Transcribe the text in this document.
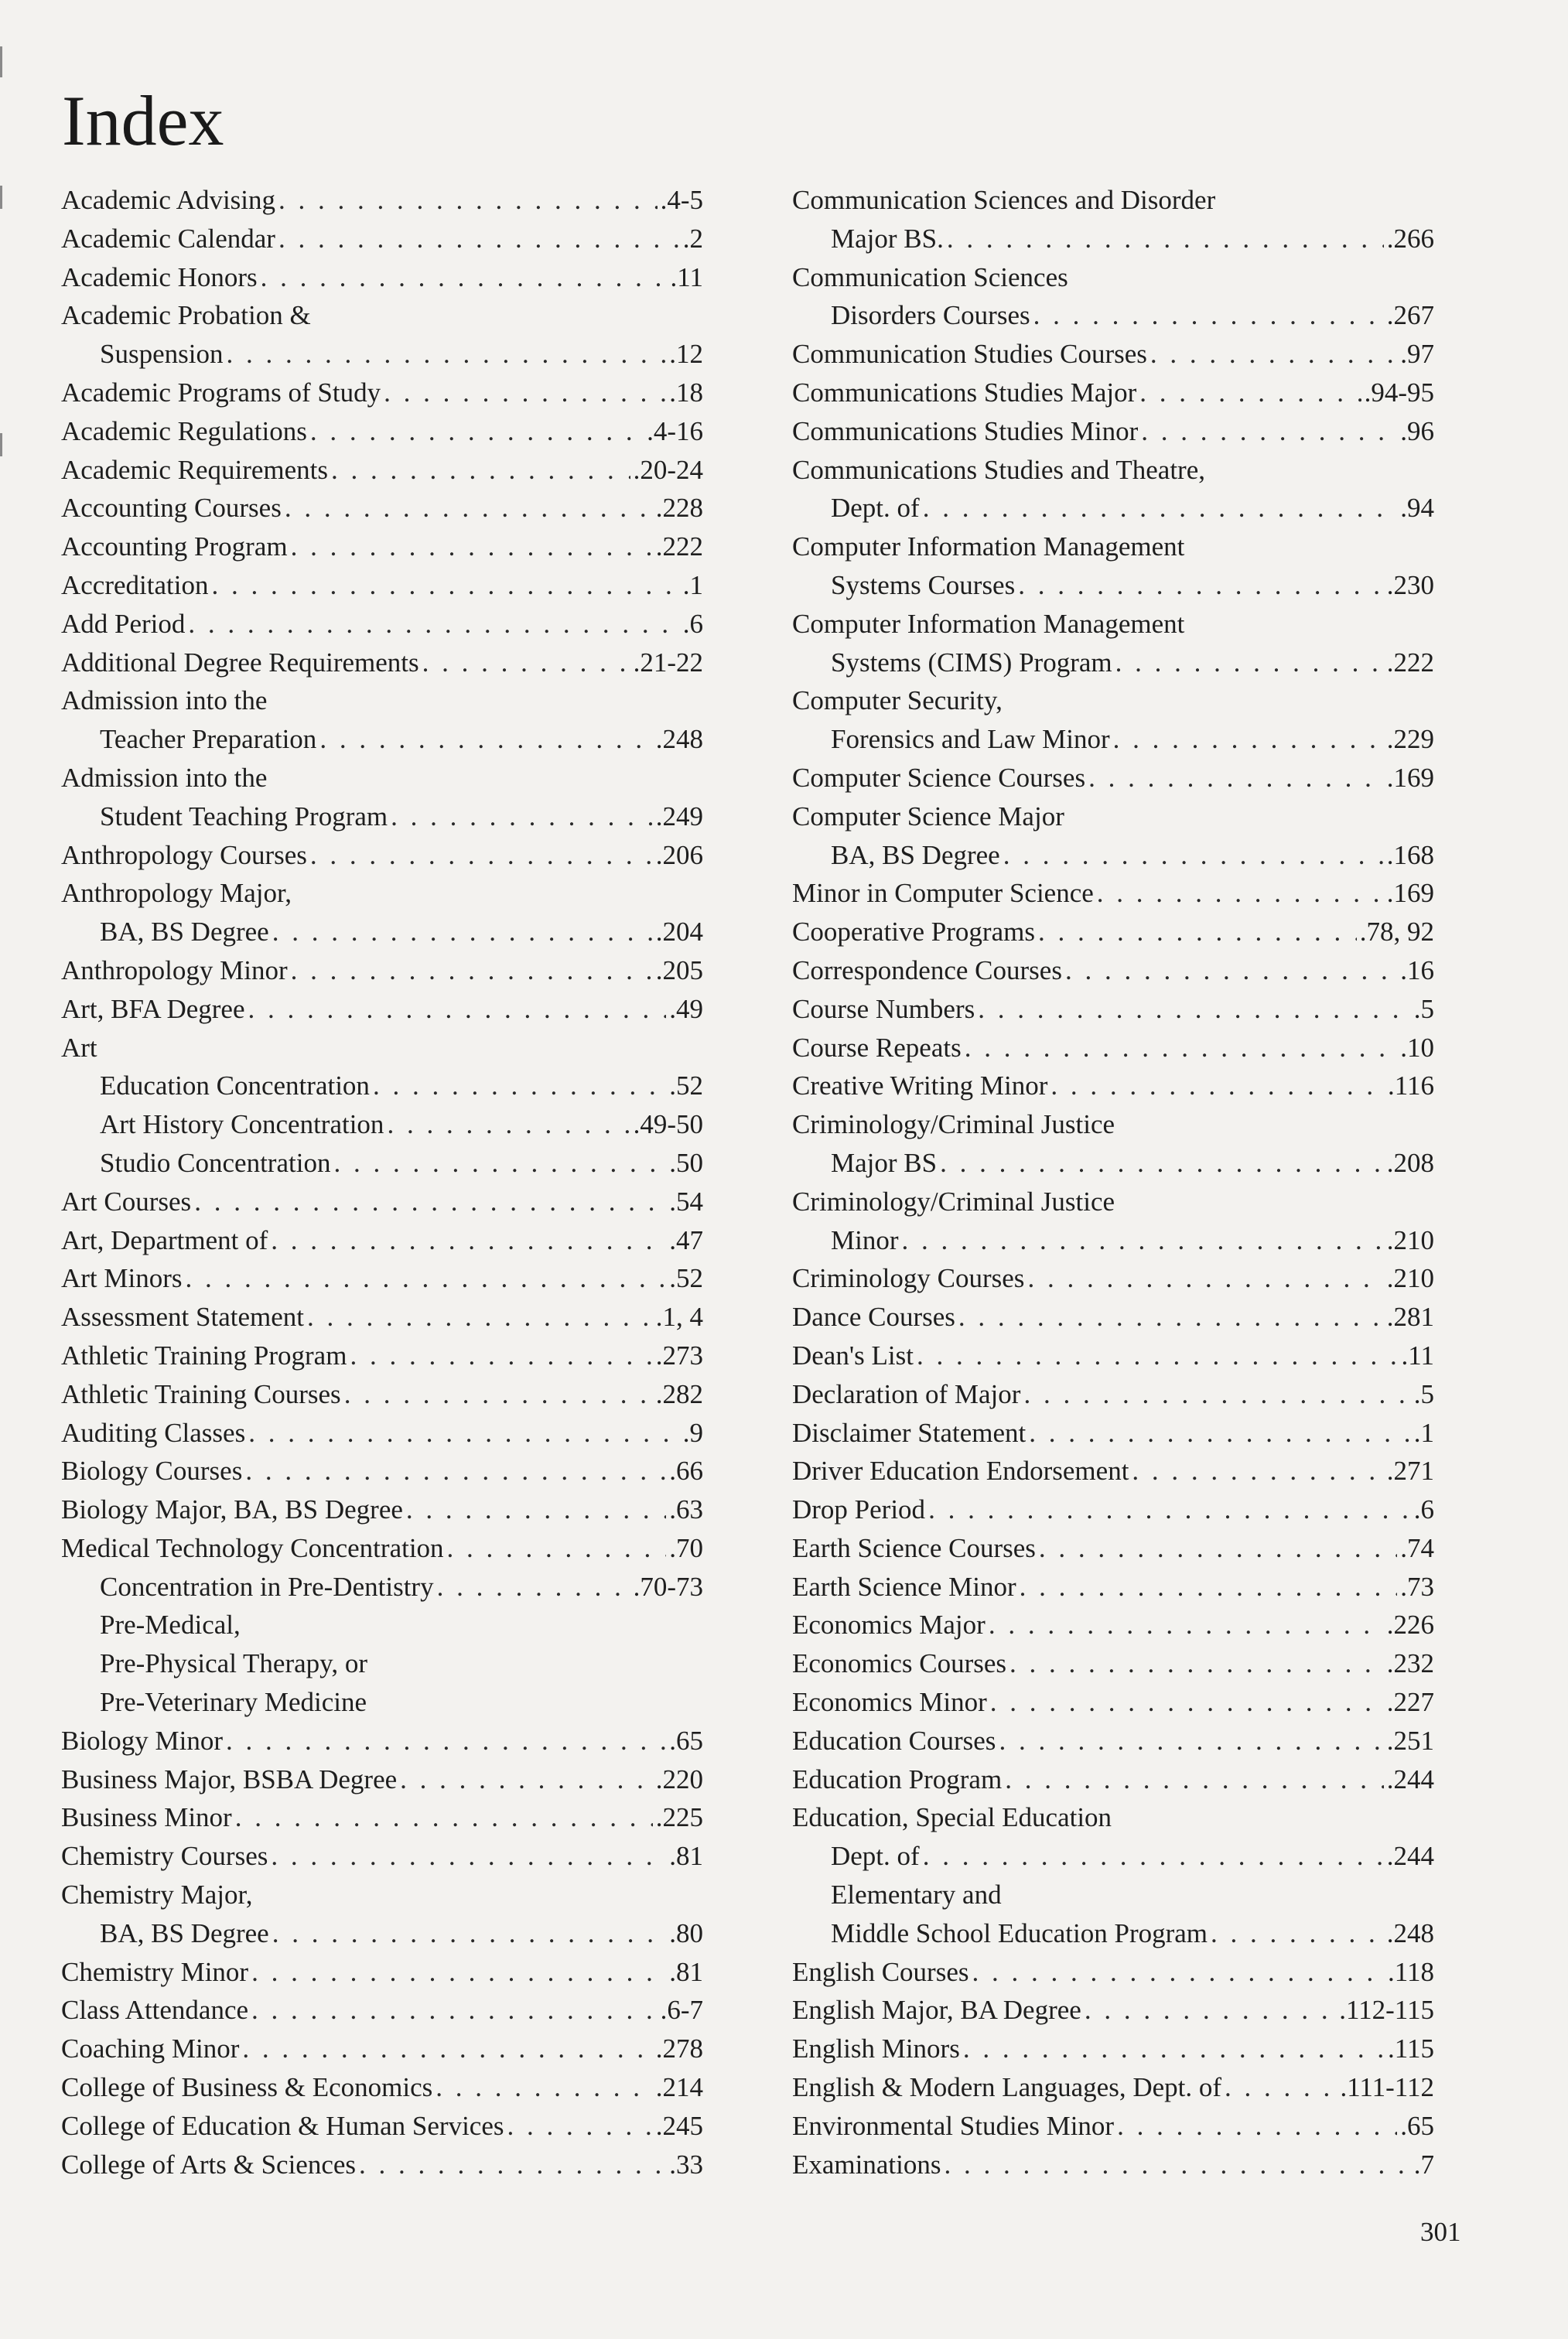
Index
Academic Advising . . .	.4-5
Academic Calendar . . .	.2
Academic Honors . . .	.11
Academic Probation &
Suspension . . .	.12
Academic Programs of Study . . .	.18
Academic Regulations . . .	.4-16
Academic Requirements . . .	.20-24
Accounting Courses . . .	.228
Accounting Program . . .	.222
Accreditation . . .	.1
Add Period . . .	.6
Additional Degree Requirements . . .	.21-22
Admission into the
Teacher Preparation . . .	.248
Admission into the
Student Teaching Program . . .	.249
Anthropology Courses . . .	.206
Anthropology Major,
BA, BS Degree . . .	.204
Anthropology Minor . . .	.205
Art, BFA Degree . . .	.49
Art
Education Concentration . . .	.52
Art History Concentration . . .	.49-50
Studio Concentration . . .	.50
Art Courses . . .	.54
Art, Department of . . .	.47
Art Minors . . .	.52
Assessment Statement . . .	.1, 4
Athletic Training Program . . .	.273
Athletic Training Courses . . .	.282
Auditing Classes . . .	.9
Biology Courses . . .	.66
Biology Major, BA, BS Degree . . .	.63
Medical Technology Concentration . . .	.70
Concentration in Pre-Dentistry . . .	.70-73
Pre-Medical,
Pre-Physical Therapy, or
Pre-Veterinary Medicine
Biology Minor . . .	.65
Business Major, BSBA Degree . . .	.220
Business Minor . . .	.225
Chemistry Courses . . .	.81
Chemistry Major,
BA, BS Degree . . .	.80
Chemistry Minor . . .	.81
Class Attendance . . .	.6-7
Coaching Minor . . .	.278
College of Business & Economics . . .	.214
College of Education & Human Services . . .	.245
College of Arts & Sciences . . .	.33
Communication Sciences and Disorder
Major BS. . . .	.266
Communication Sciences
Disorders Courses . . .	.267
Communication Studies Courses . . .	.97
Communications Studies Major . . .	.94-95
Communications Studies Minor . . .	.96
Communications Studies and Theatre,
Dept. of . . .	.94
Computer Information Management
Systems Courses . . .	.230
Computer Information Management
Systems (CIMS) Program . . .	.222
Computer Security,
Forensics and Law Minor . . .	.229
Computer Science Courses . . .	.169
Computer Science Major
BA, BS Degree . . .	.168
Minor in Computer Science . . .	.169
Cooperative Programs . . .	.78, 92
Correspondence Courses . . .	.16
Course Numbers . . .	.5
Course Repeats . . .	.10
Creative Writing Minor . . .	.116
Criminology/Criminal Justice
Major BS . . .	.208
Criminology/Criminal Justice
Minor . . .	.210
Criminology Courses . . .	.210
Dance Courses . . .	.281
Dean's List . . .	.11
Declaration of Major . . .	.5
Disclaimer Statement . . .	.1
Driver Education Endorsement . . .	.271
Drop Period . . .	.6
Earth Science Courses . . .	.74
Earth Science Minor . . .	.73
Economics Major . . .	.226
Economics Courses . . .	.232
Economics Minor . . .	.227
Education Courses . . .	.251
Education Program . . .	.244
Education, Special Education
Dept. of . . .	.244
Elementary and
Middle School Education Program . . .	.248
English Courses . . .	.118
English Major, BA Degree . . .	.112-115
English Minors . . .	.115
English & Modern Languages, Dept. of . . .	.111-112
Environmental Studies Minor . . .	.65
Examinations . . .	.7
301
